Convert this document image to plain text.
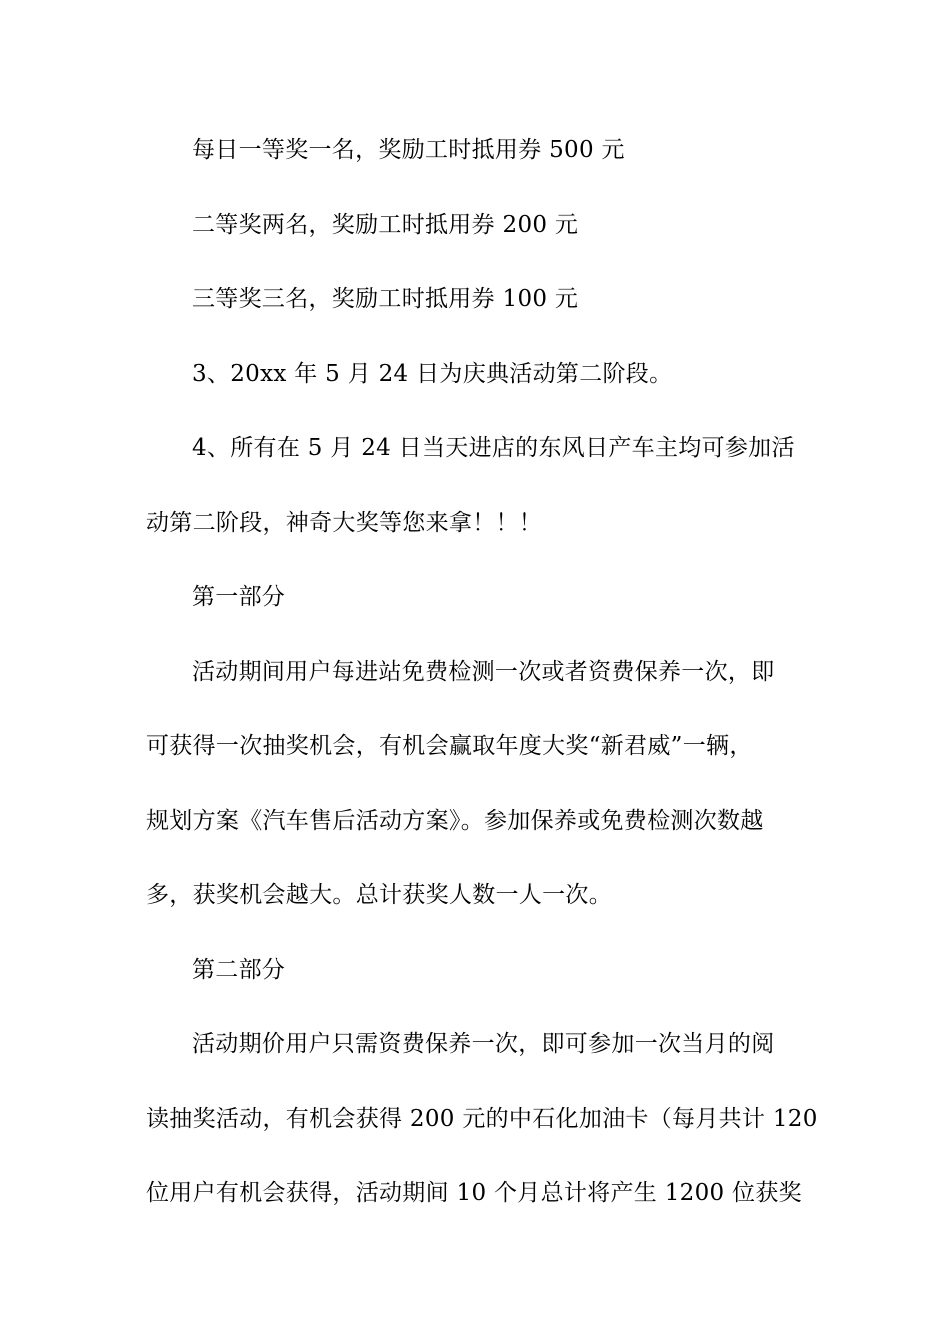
每日一等奖一名，奖励工时抵用券 500 元
二等奖两名，奖励工时抵用券 200 元
三等奖三名，奖励工时抵用券 100 元
3、20xx 年 5 月 24 日为庆典活动第二阶段。
4、所有在 5 月 24 日当天进店的东风日产车主均可参加活
动第二阶段，神奇大奖等您来拿！！！
第一部分
活动期间用户每进站免费检测一次或者资费保养一次，即
可获得一次抽奖机会，有机会赢取年度大奖“新君威”一辆，
规划方案《汽车售后活动方案》。参加保养或免费检测次数越
多，获奖机会越大。总计获奖人数一人一次。
第二部分
活动期价用户只需资费保养一次，即可参加一次当月的阅
读抽奖活动，有机会获得 200 元的中石化加油卡（每月共计 120
位用户有机会获得，活动期间 10 个月总计将产生 1200 位获奖
